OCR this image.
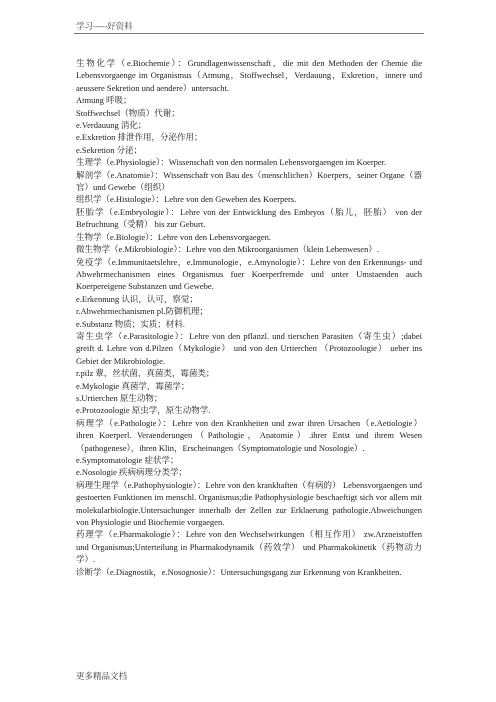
学习-----好资料

生物化学（e.Biochemie）：Grundlagenwissenschaft，die mit den Methoden der Chemie die Lebensvorgaenge im Organismus（Atmung，Stoffwechsel，Verdauung，Exkretion，innere und aeussere Sekretion und aendere）untersucht.

Atmung 呼吸；

Stoffwechsel（物质）代谢；

e.Verdauung 消化；

e.Exkretion 排泄作用，分泌作用；

e.Sekretion 分泌；

生理学（e.Physiologie）：Wissenschaft von den normalen Lebensvorgaengen im Koerper.

解剖学（e.Anatomie）：Wissenschaft von Bau des（menschlichen）Koerpers，seiner Organe（器官）und Gewebe（组织）

组织学（e.Histologie）：Lehre von den Geweben des Koerpers.

胚胎学（e.Embryologie）：Lehre von der Entwicklung des Embryos（胎儿，胚胎） von der Befruchtung（受精） bis zur Geburt.

生物学（e.Biologie）：Lehre von den Lebensvorgaegen.

微生物学（e.Mikrobiologie）：Lehre von den Mikroorganismen（klein Lebenwesen）.

免疫学（e.Immunitaetslehre，e.Immunologie，e.Amynologie）：Lehre von den Erkennungs- und Abwehrmechanismen eines Organismus fuer Koerperfremde und unter Umstaenden auch Koerpereigene Substanzen und Gewebe.

e.Erkennung 认识，认可，察觉；

r.Abwehrmechanismen pl.防御机理；

e.Substanz 物质；实质；材料.

寄生虫学（e.Parasitologie）：Lehre von den pflanzl. und tierschen Parasiten（寄生虫）;dabei greift d. Lehre von d.Pilzen（Mykologie） und von den Urtierchen （Protozoologie） ueber ins Gebiet der Mikrobiologie.

r.pilz 蕈，丝状菌，真菌类，霉菌类；

e.Mykologie 真菌学，霉菌学；

s.Urtierchen 原生动物；

e.Protozoologie 原虫学，原生动物学.

病理学（e.Pathologie）：Lehre von den Krankheiten und zwar ihren Ursachen（e.Aetiologie） ihren Koerperl. Veraenderungen（Pathologie，Anatomie）.ihrer Entst und ihrem Wesen （pathogenese），ihren Klin，Erscheinungen（Symptomatologie und Nosologie）.

e.Symptomatologie 症状学；

e.Nosologie 疾病病理分类学；

病理生理学（e.Pathophysiologie）：Lehre von den krankhaften（有病的） Lebensvorgaengen und gestoerten Funktionen im menschl. Organismus;die Pathophysiologie beschaeftigt sich vor allem mit molekularbiologie.Untersuchunger innerhalb der Zellen zur Erklaerung pathologie.Abweichungen von Physiologie und Biochemie vorgaegen.

药理学（e.Pharmakologie）：Lehre von den Wechselwirkungen（相互作用） zw.Arzneistoffen und Organismus;Unterteilung in Pharmakodynamik（药效学） und Pharmakokinetik（药物动力学）.

诊断学（e.Diagnostik，e.Nosognosie）：Untersuchungsgang zur Erkennung von Krankheiten.

更多精品文档
